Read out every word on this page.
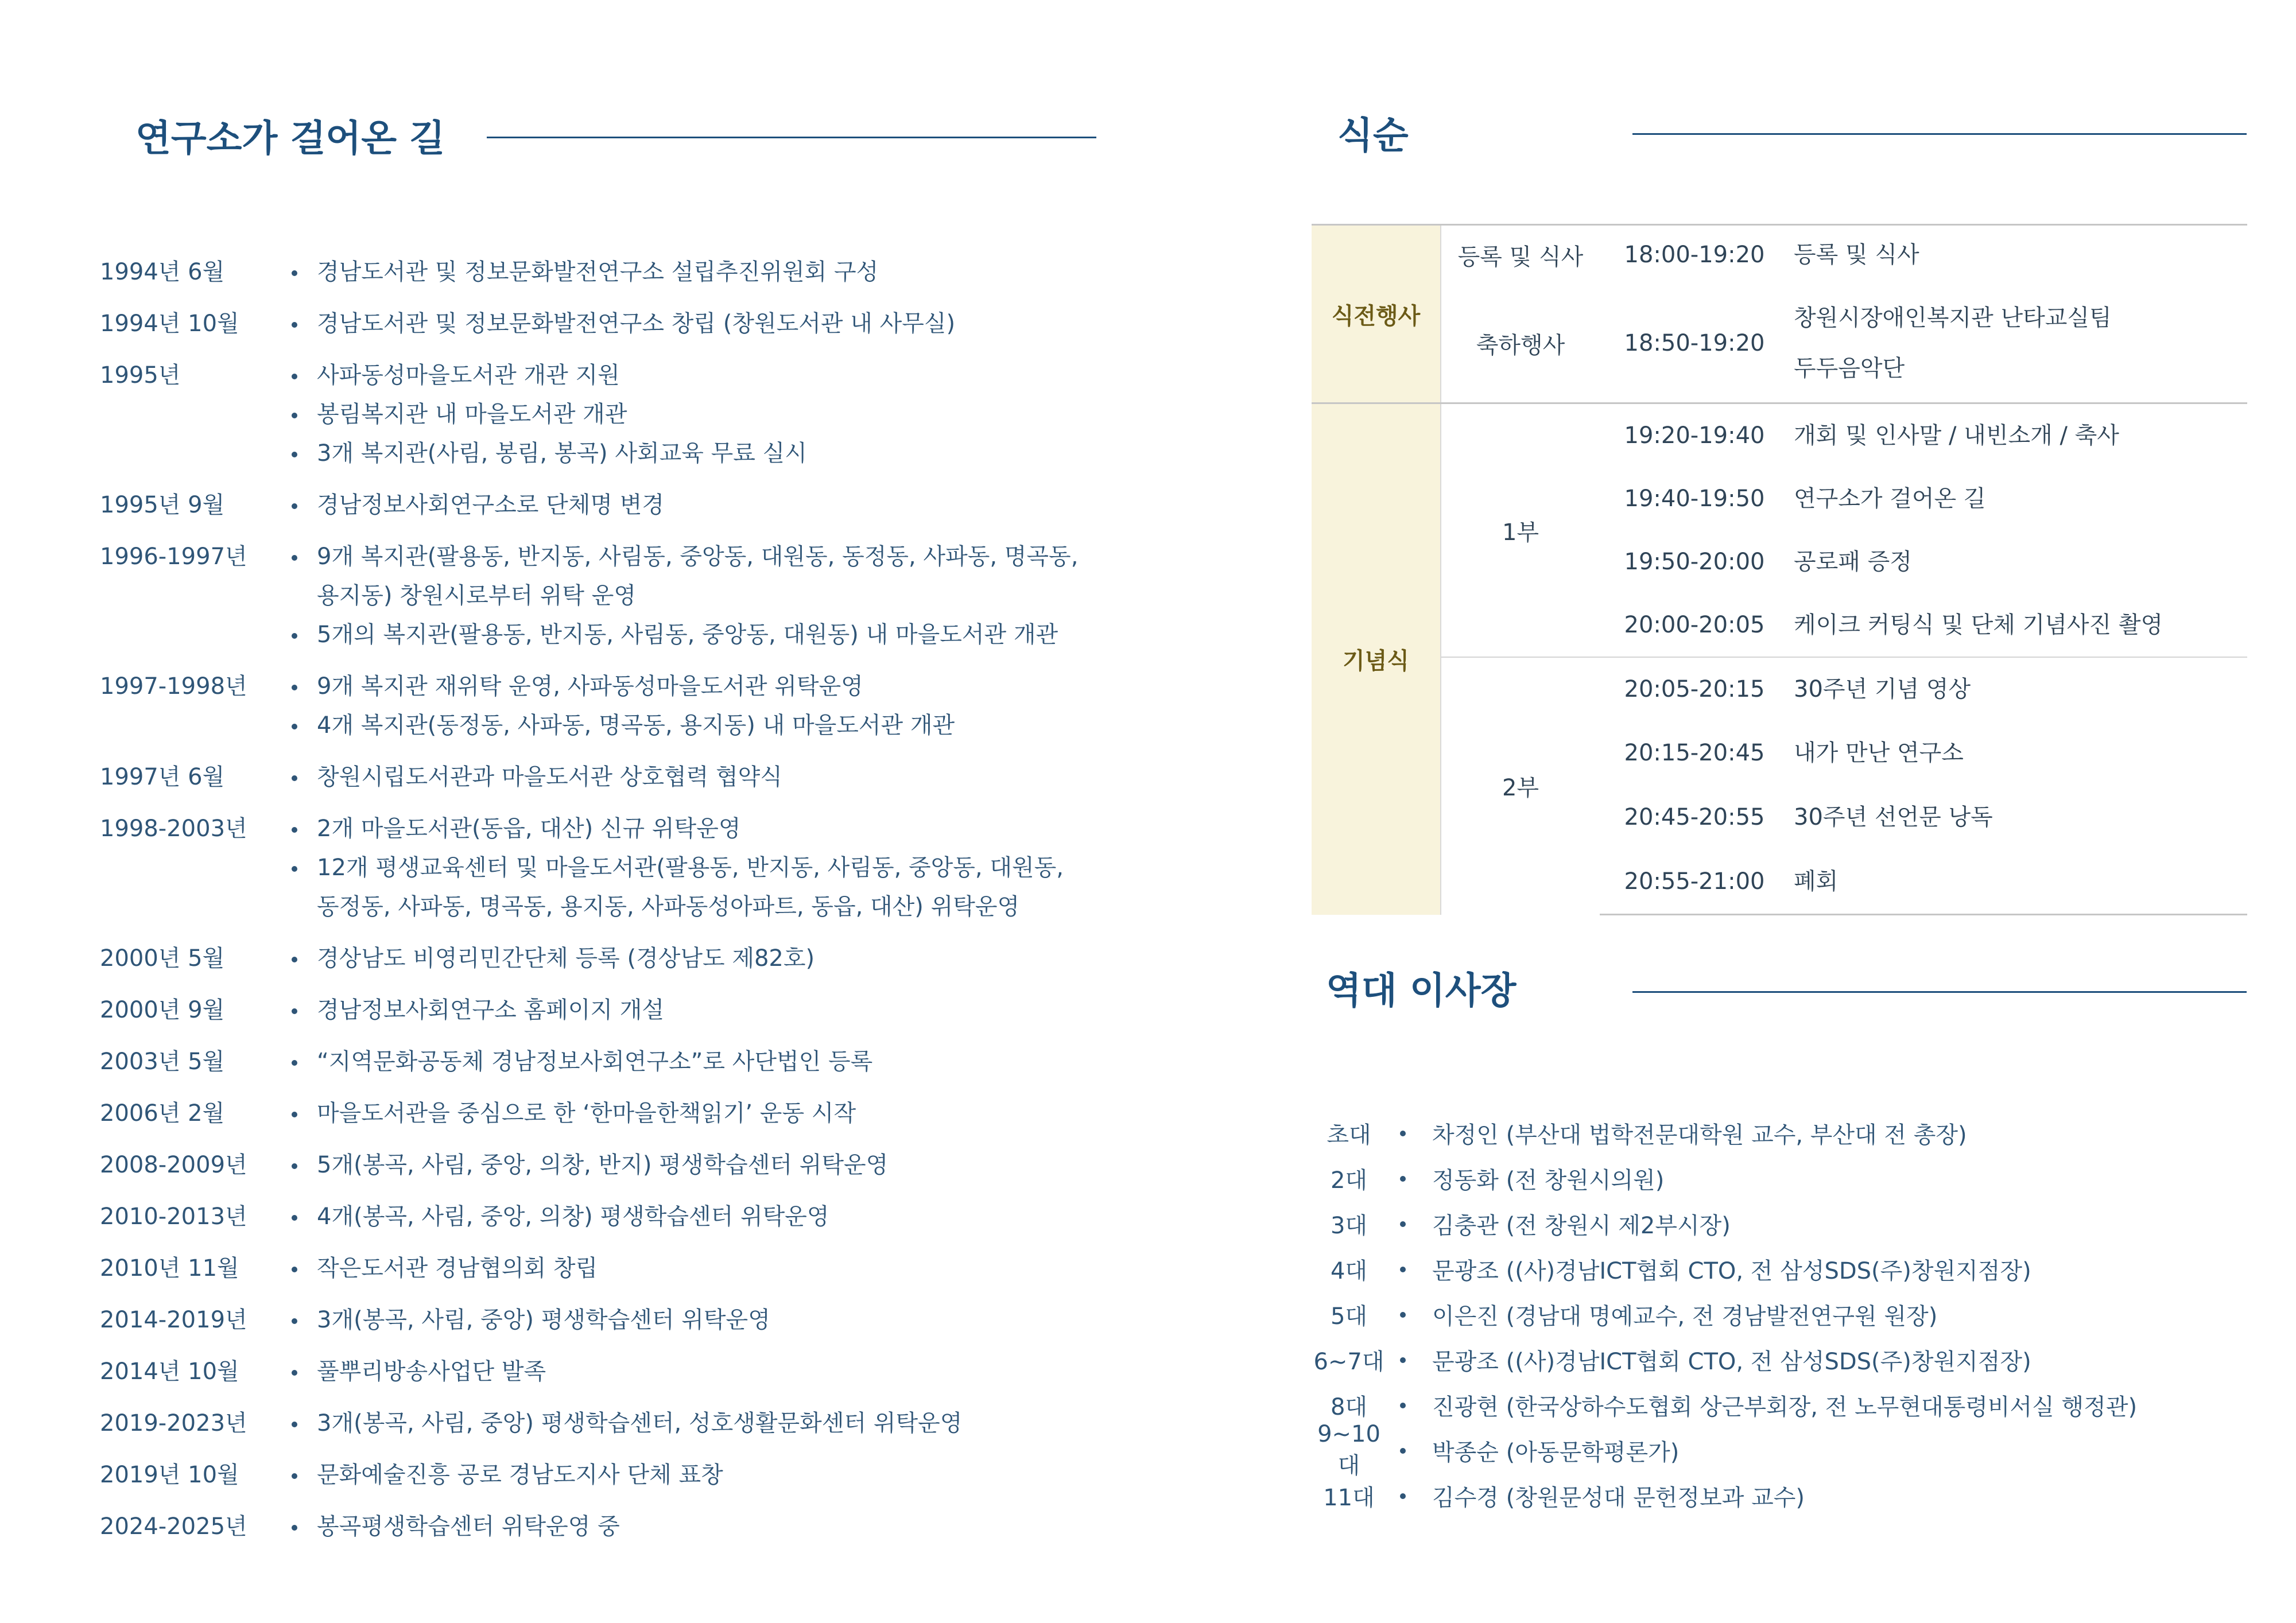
연구소가 걸어온 길
1994년 6월	경남도서관 및 정보문화발전연구소 설립추진위원회 구성
1994년 10월	경남도서관 및 정보문화발전연구소 창립 (창원도서관 내 사무실)
1995년	사파동성마을도서관 개관 지원
봉림복지관 내 마을도서관 개관
3개 복지관(사림, 봉림, 봉곡) 사회교육 무료 실시
1995년 9월	경남정보사회연구소로 단체명 변경
1996-1997년	9개 복지관(팔용동, 반지동, 사림동, 중앙동, 대원동, 동정동, 사파동, 명곡동,
용지동) 창원시로부터 위탁 운영
5개의 복지관(팔용동, 반지동, 사림동, 중앙동, 대원동) 내 마을도서관 개관
1997-1998년	9개 복지관 재위탁 운영, 사파동성마을도서관 위탁운영
4개 복지관(동정동, 사파동, 명곡동, 용지동) 내 마을도서관 개관
1997년 6월	창원시립도서관과 마을도서관 상호협력 협약식
1998-2003년	2개 마을도서관(동읍, 대산) 신규 위탁운영
12개 평생교육센터 및 마을도서관(팔용동, 반지동, 사림동, 중앙동, 대원동,
동정동, 사파동, 명곡동, 용지동, 사파동성아파트, 동읍, 대산) 위탁운영
2000년 5월	경상남도 비영리민간단체 등록 (경상남도 제82호)
2000년 9월	경남정보사회연구소 홈페이지 개설
2003년 5월	“지역문화공동체 경남정보사회연구소”로 사단법인 등록
2006년 2월	마을도서관을 중심으로 한 ‘한마을한책읽기’ 운동 시작
2008-2009년	5개(봉곡, 사림, 중앙, 의창, 반지) 평생학습센터 위탁운영
2010-2013년	4개(봉곡, 사림, 중앙, 의창) 평생학습센터 위탁운영
2010년 11월	작은도서관 경남협의회 창립
2014-2019년	3개(봉곡, 사림, 중앙) 평생학습센터 위탁운영
2014년 10월	풀뿌리방송사업단 발족
2019-2023년	3개(봉곡, 사림, 중앙) 평생학습센터, 성호생활문화센터 위탁운영
2019년 10월	문화예술진흥 공로 경남도지사 단체 표창
2024-2025년	봉곡평생학습센터 위탁운영 중
식순
식전행사	등록 및 식사	18:00-19:20	등록 및 식사
	축하행사	18:50-19:20	창원시장애인복지관 난타교실팀
두두음악단
기념식	1부	19:20-19:40	개회 및 인사말 / 내빈소개 / 축사
		19:40-19:50	연구소가 걸어온 길
		19:50-20:00	공로패 증정
		20:00-20:05	케이크 커팅식 및 단체 기념사진 촬영
	2부	20:05-20:15	30주년 기념 영상
		20:15-20:45	내가 만난 연구소
		20:45-20:55	30주년 선언문 낭독
		20:55-21:00	폐회
역대 이사장
초대	차정인 (부산대 법학전문대학원 교수, 부산대 전 총장)
2대	정동화 (전 창원시의원)
3대	김충관 (전 창원시 제2부시장)
4대	문광조 ((사)경남ICT협회 CTO, 전 삼성SDS(주)창원지점장)
5대	이은진 (경남대 명예교수, 전 경남발전연구원 원장)
6~7대	문광조 ((사)경남ICT협회 CTO, 전 삼성SDS(주)창원지점장)
8대	진광현 (한국상하수도협회 상근부회장, 전 노무현대통령비서실 행정관)
9~10대	박종순 (아동문학평론가)
11대	김수경 (창원문성대 문헌정보과 교수)
